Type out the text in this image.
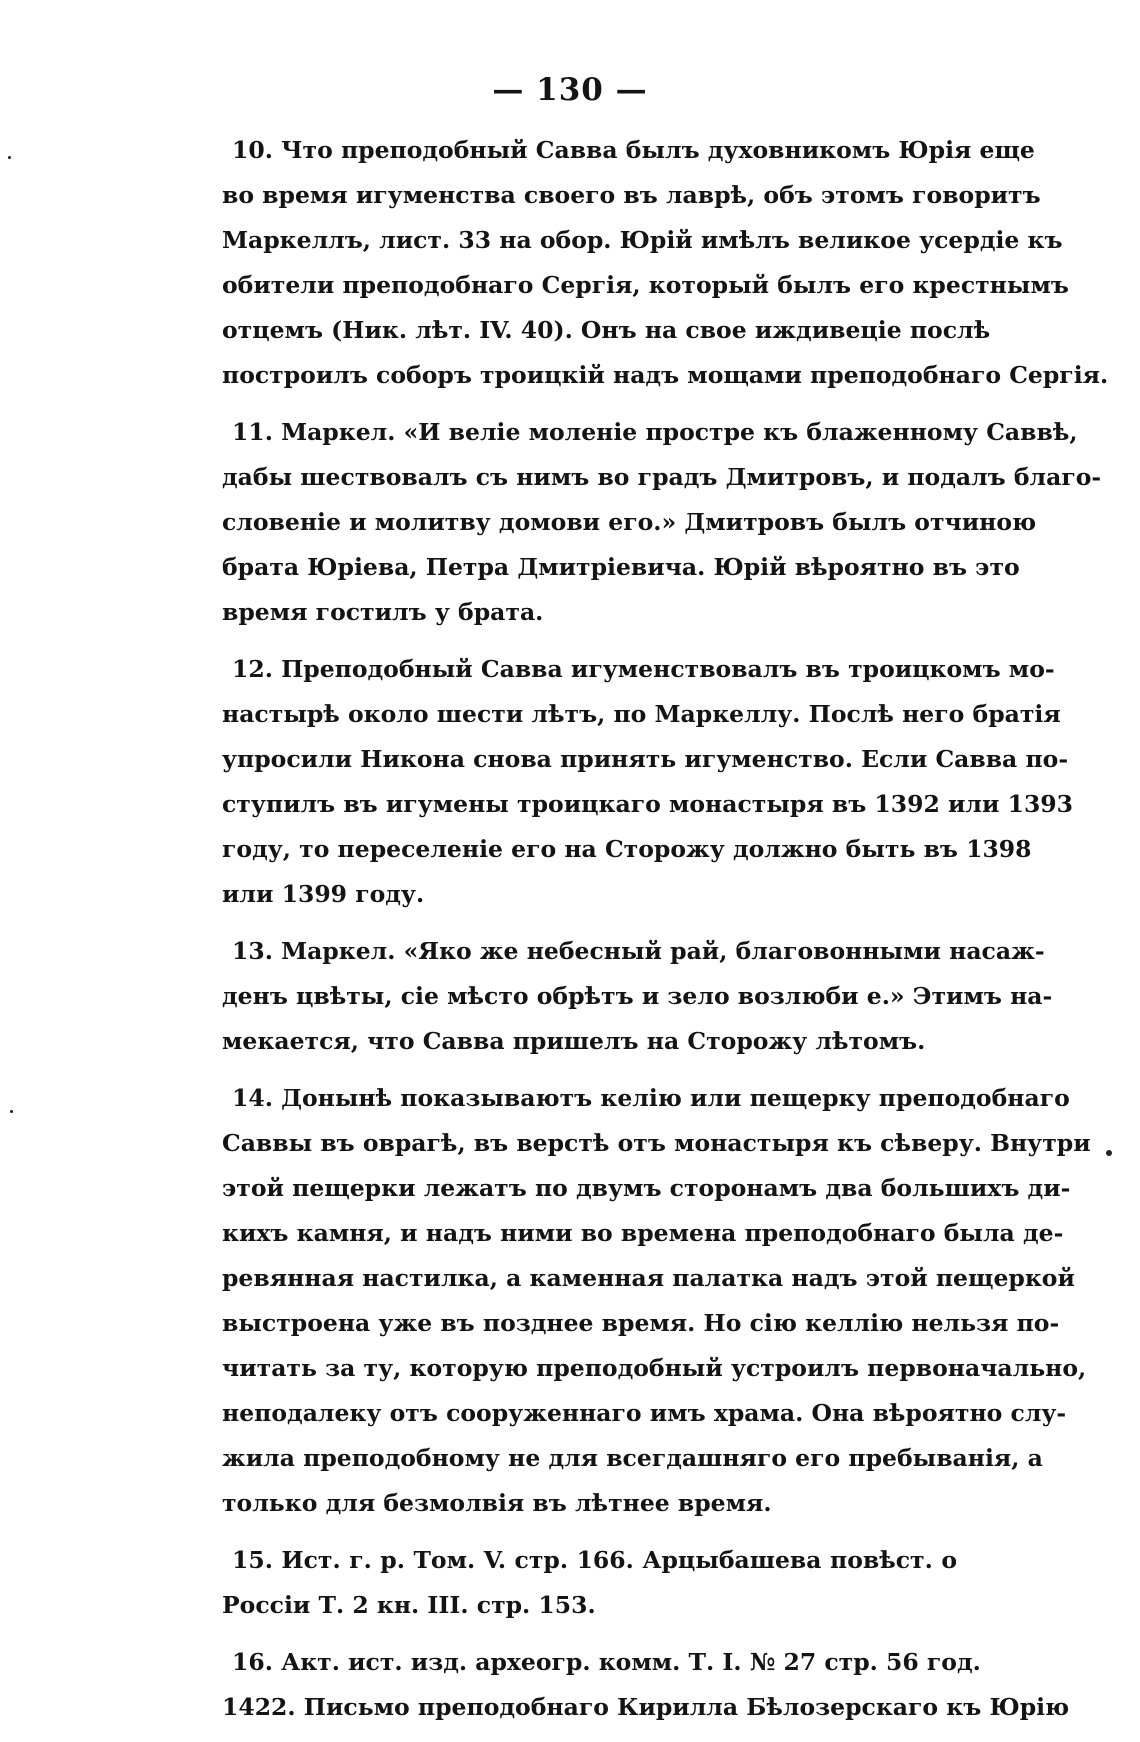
— 130 —
10. Что преподобный Савва былъ духовникомъ Юрія еще
во время игуменства своего въ лаврѣ, объ этомъ говоритъ
Маркеллъ, лист. 33 на обор. Юрій имѣлъ великое усердіе къ
обители преподобнаго Сергія, который былъ его крестнымъ
отцемъ (Ник. лѣт. IV. 40). Онъ на свое иждивеціе послѣ
построилъ соборъ троицкій надъ мощами преподобнаго Сергія.
11. Маркел. «И веліе моленіе простре къ блаженному Саввѣ,
дабы шествовалъ съ нимъ во градъ Дмитровъ, и подалъ благо-
словеніе и молитву домови его.» Дмитровъ былъ отчиною
брата Юріева, Петра Дмитріевича. Юрій вѣроятно въ это
время гостилъ у брата.
12. Преподобный Савва игуменствовалъ въ троицкомъ мо-
настырѣ около шести лѣтъ, по Маркеллу. Послѣ него братія
упросили Никона снова принять игуменство. Если Савва по-
ступилъ въ игумены троицкаго монастыря въ 1392 или 1393
году, то переселеніе его на Сторожу должно быть въ 1398
или 1399 году.
13. Маркел. «Яко же небесный рай, благовонными насаж-
денъ цвѣты, сіе мѣсто обрѣтъ и зело возлюби е.» Этимъ на-
мекается, что Савва пришелъ на Сторожу лѣтомъ.
14. Донынѣ показываютъ келію или пещерку преподобнаго
Саввы въ оврагѣ, въ верстѣ отъ монастыря къ сѣверу. Внутри
этой пещерки лежатъ по двумъ сторонамъ два большихъ ди-
кихъ камня, и надъ ними во времена преподобнаго была де-
ревянная настилка, а каменная палатка надъ этой пещеркой
выстроена уже въ позднее время. Но сію келлію нельзя по-
читать за ту, которую преподобный устроилъ первоначально,
неподалеку отъ сооруженнаго имъ храма. Она вѣроятно слу-
жила преподобному не для всегдашняго его пребыванія, а
только для безмолвія въ лѣтнее время.
15. Ист. г. р. Том. V. стр. 166. Арцыбашева повѣст. о
Россіи Т. 2 кн. III. стр. 153.
16. Акт. ист. изд. археогр. комм. Т. I. № 27 стр. 56 год.
1422. Письмо преподобнаго Кирилла Бѣлозерскаго къ Юрію
